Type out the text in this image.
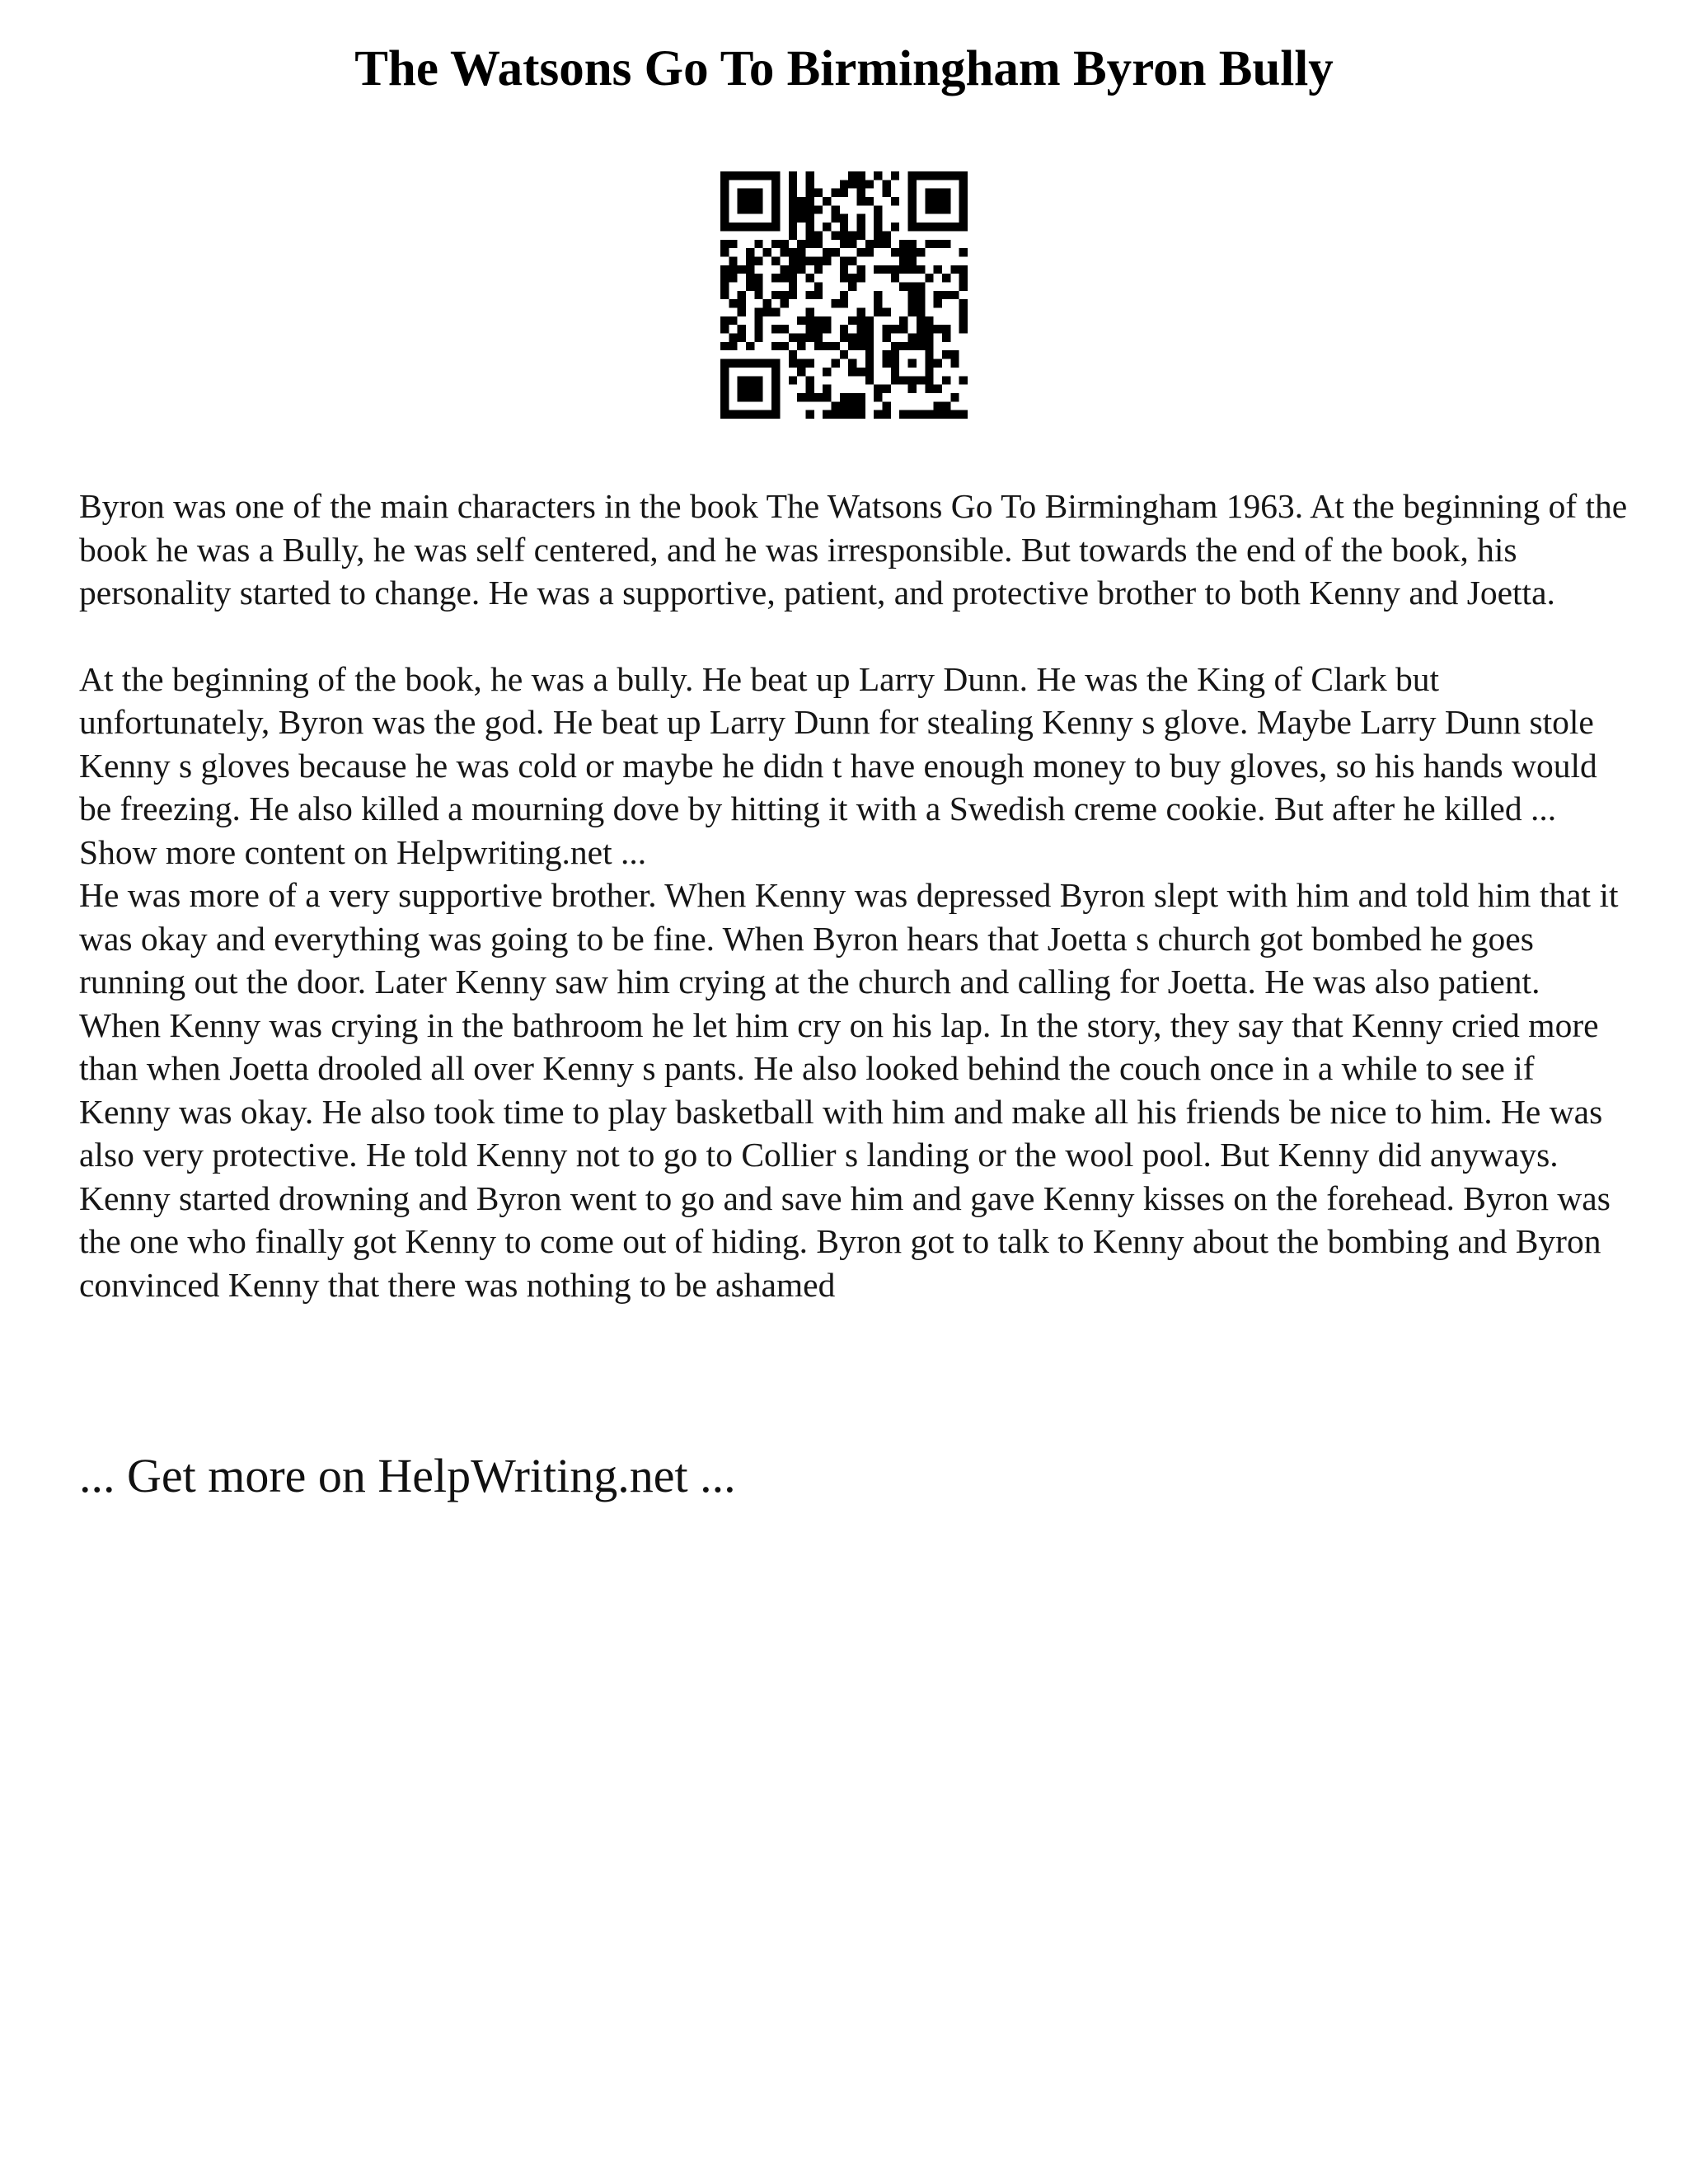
The Watsons Go To Birmingham Byron Bully

Byron was one of the main characters in the book The Watsons Go To Birmingham 1963. At the beginning of the book he was a Bully, he was self centered, and he was irresponsible. But towards the end of the book, his personality started to change. He was a supportive, patient, and protective brother to both Kenny and Joetta.

At the beginning of the book, he was a bully. He beat up Larry Dunn. He was the King of Clark but unfortunately, Byron was the god. He beat up Larry Dunn for stealing Kenny s glove. Maybe Larry Dunn stole Kenny s gloves because he was cold or maybe he didn t have enough money to buy gloves, so his hands would be freezing. He also killed a mourning dove by hitting it with a Swedish creme cookie. But after he killed ... Show more content on Helpwriting.net ...

He was more of a very supportive brother. When Kenny was depressed Byron slept with him and told him that it was okay and everything was going to be fine. When Byron hears that Joetta s church got bombed he goes running out the door. Later Kenny saw him crying at the church and calling for Joetta. He was also patient. When Kenny was crying in the bathroom he let him cry on his lap. In the story, they say that Kenny cried more than when Joetta drooled all over Kenny s pants. He also looked behind the couch once in a while to see if Kenny was okay. He also took time to play basketball with him and make all his friends be nice to him. He was also very protective. He told Kenny not to go to Collier s landing or the wool pool. But Kenny did anyways. Kenny started drowning and Byron went to go and save him and gave Kenny kisses on the forehead. Byron was the one who finally got Kenny to come out of hiding. Byron got to talk to Kenny about the bombing and Byron convinced Kenny that there was nothing to be ashamed

... Get more on HelpWriting.net ...
